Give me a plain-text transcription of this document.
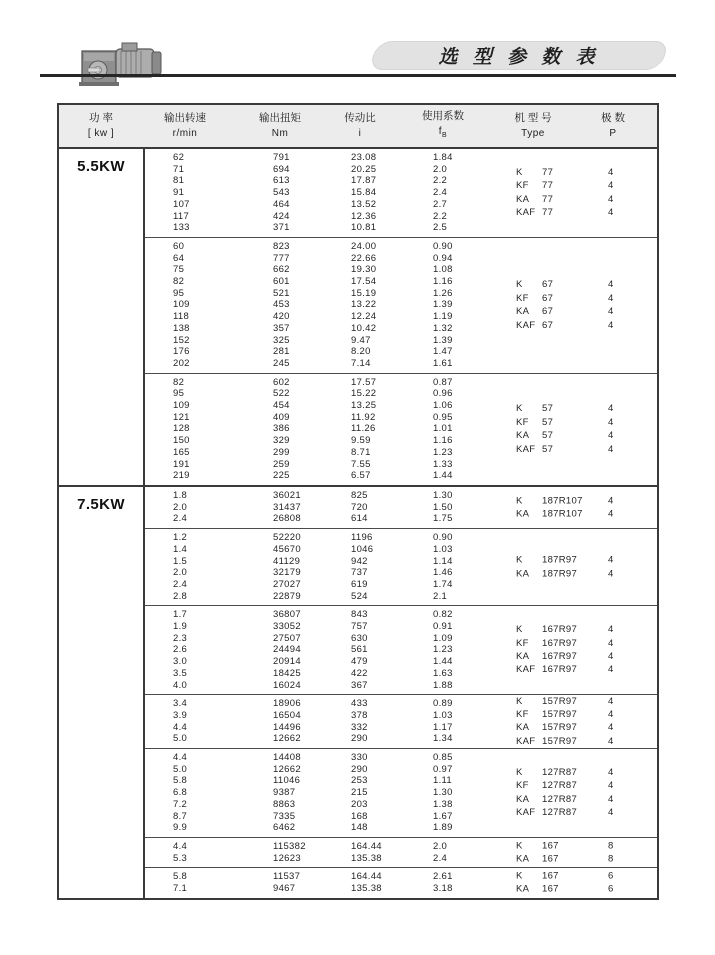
选 型 参 数 表
功 率
[ kw ]
输出转速
r/min
输出扭矩
Nm
传动比
i
使用系数
$f_B$
机 型 号
Type
极 数
P
5.5KW
62	791	23.08	1.84
71	694	20.25	2.0
81	613	17.87	2.2
91	543	15.84	2.4
107	464	13.52	2.7
117	424	12.36	2.2
133	371	10.81	2.5
K	77	4
KF	77	4
KA	77	4
KAF 77	4
60	823	24.00	0.90
64	777	22.66	0.94
75	662	19.30	1.08
82	601	17.54	1.16
95	521	15.19	1.26
109	453	13.22	1.39
118	420	12.24	1.19
138	357	10.42	1.32
152	325	9.47	1.39
176	281	8.20	1.47
202	245	7.14	1.61
K	67	4
KF	67	4
KA	67	4
KAF 67	4
82	602	17.57	0.87
95	522	15.22	0.96
109	454	13.25	1.06
121	409	11.92	0.95
128	386	11.26	1.01
150	329	9.59	1.16
165	299	8.71	1.23
191	259	7.55	1.33
219	225	6.57	1.44
K	57	4
KF	57	4
KA	57	4
KAF 57	4
7.5KW
1.8	36021	825	1.30
2.0	31437	720	1.50
2.4	26808	614	1.75
K	187R107	4
KA	187R107	4
1.2	52220	1196	0.90
1.4	45670	1046	1.03
1.5	41129	942	1.14
2.0	32179	737	1.46
2.4	27027	619	1.74
2.8	22879	524	2.1
K	187R97	4
KA	187R97	4
1.7	36807	843	0.82
1.9	33052	757	0.91
2.3	27507	630	1.09
2.6	24494	561	1.23
3.0	20914	479	1.44
3.5	18425	422	1.63
4.0	16024	367	1.88
K	167R97	4
KF	167R97	4
KA	167R97	4
KAF 167R97	4
3.4	18906	433	0.89
3.9	16504	378	1.03
4.4	14496	332	1.17
5.0	12662	290	1.34
K	157R97	4
KF	157R97	4
KA	157R97	4
KAF 157R97	4
4.4	14408	330	0.85
5.0	12662	290	0.97
5.8	11046	253	1.11
6.8	9387	215	1.30
7.2	8863	203	1.38
8.7	7335	168	1.67
9.9	6462	148	1.89
K	127R87	4
KF	127R87	4
KA	127R87	4
KAF 127R87	4
4.4	115382	164.44	2.0
5.3	12623	135.38	2.4
K	167	8
KA	167	8
5.8	11537	164.44	2.61
7.1	9467	135.38	3.18
K	167	6
KA	167	6
